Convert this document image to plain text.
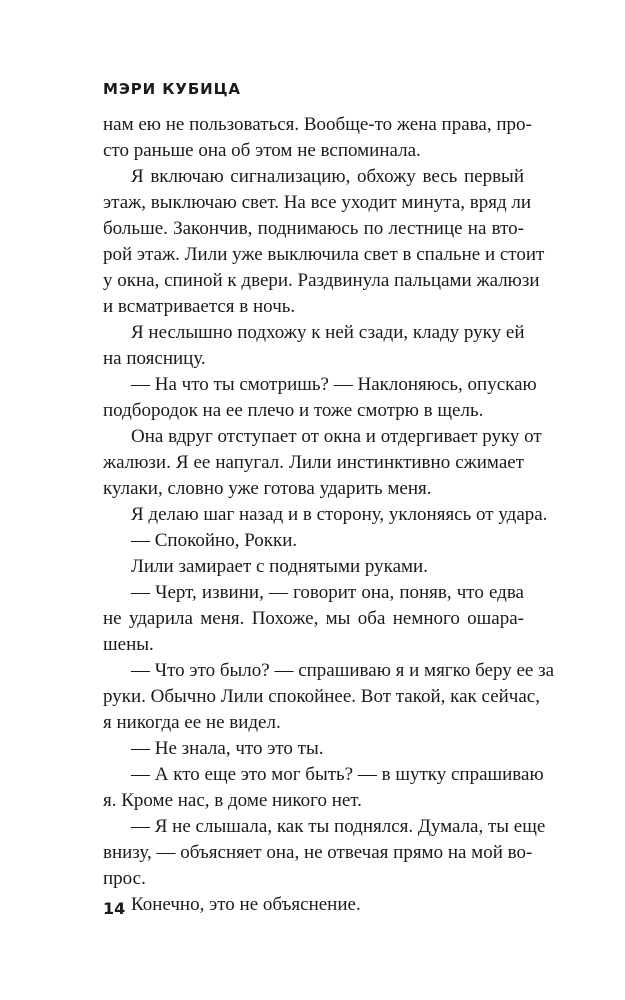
МЭРИ КУБИЦА
нам ею не пользоваться. Вообще-то жена права, про-
сто раньше она об этом не вспоминала.
Я включаю сигнализацию, обхожу весь первый
этаж, выключаю свет. На все уходит минута, вряд ли
больше. Закончив, поднимаюсь по лестнице на вто-
рой этаж. Лили уже выключила свет в спальне и стоит
у окна, спиной к двери. Раздвинула пальцами жалюзи
и всматривается в ночь.
Я неслышно подхожу к ней сзади, кладу руку ей
на поясницу.
— На что ты смотришь? — Наклоняюсь, опускаю
подбородок на ее плечо и тоже смотрю в щель.
Она вдруг отступает от окна и отдергивает руку от
жалюзи. Я ее напугал. Лили инстинктивно сжимает
кулаки, словно уже готова ударить меня.
Я делаю шаг назад и в сторону, уклоняясь от удара.
— Спокойно, Рокки.
Лили замирает с поднятыми руками.
— Черт, извини, — говорит она, поняв, что едва
не ударила меня. Похоже, мы оба немного ошара-
шены.
— Что это было? — спрашиваю я и мягко беру ее за
руки. Обычно Лили спокойнее. Вот такой, как сейчас,
я никогда ее не видел.
— Не знала, что это ты.
— А кто еще это мог быть? — в шутку спрашиваю
я. Кроме нас, в доме никого нет.
— Я не слышала, как ты поднялся. Думала, ты еще
внизу, — объясняет она, не отвечая прямо на мой во-
прос.
Конечно, это не объяснение.
14
